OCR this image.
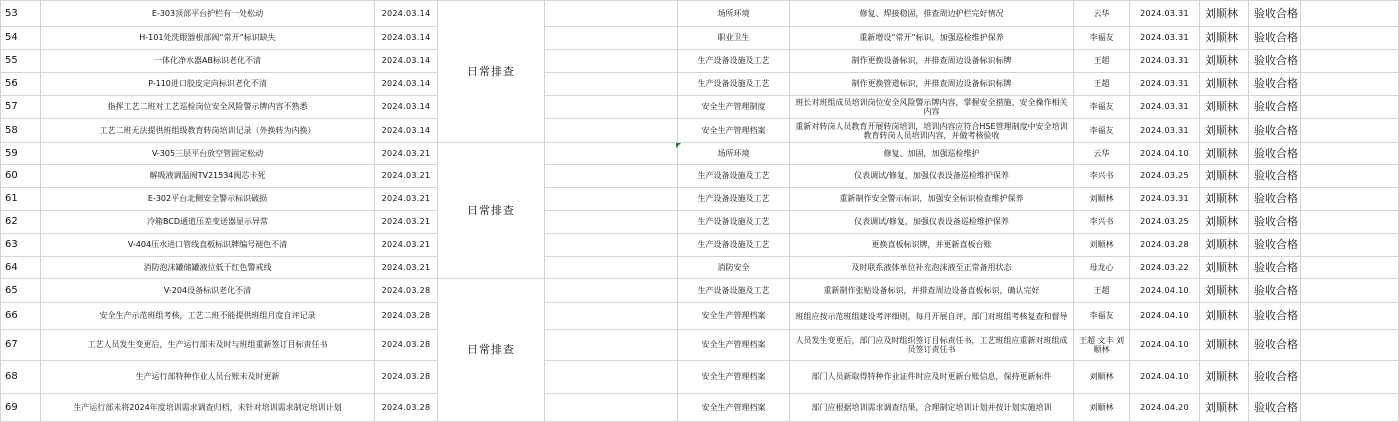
53	E-303顶部平台护栏有一处松动	2024.03.14	日常排查		场所环境	修复、焊接稳固，排查周边护栏完好情况	云华	2024.03.31	刘顺林	验收合格	
54	H-101处洗眼器根部阀“常开”标识缺失	2024.03.14			职业卫生	重新增设“常开”标识，加强巡检维护保养	李福友	2024.03.31	刘顺林	验收合格	
55	一体化净水器AB标识老化不清	2024.03.14			生产设备设施及工艺	制作更换设备标识，并排查周边设备标识标牌	王超	2024.03.31	刘顺林	验收合格	
56	P-110进口胶皮定向标识老化不清	2024.03.14			生产设备设施及工艺	制作更换管道标识，并排查周边设备标识标牌	王超	2024.03.31	刘顺林	验收合格	
57	指挥工艺二班对工艺巡检岗位安全风险警示牌内容不熟悉	2024.03.14			安全生产管理制度	班长对班组成员培训岗位安全风险警示牌内容，掌握安全措施、安全操作相关内容	李福友	2024.03.31	刘顺林	验收合格	
58	工艺二班无法提供班组级教育转岗培训记录（外换转为内换）	2024.03.14			安全生产管理档案	重新对转岗人员教育开展转岗培训，培训内容应符合HSE管理制度中安全培训教育转岗人员培训内容，并做考核验收	李福友	2024.03.31	刘顺林	验收合格	
59	V-305三层平台放空管固定松动	2024.03.21	日常排查		场所环境	修复、加固，加强巡检维护	云华	2024.04.10	刘顺林	验收合格	
60	解吸液调温阀TV21534阀芯卡死	2024.03.21			生产设备设施及工艺	仪表调试/修复，加强仪表设备巡检维护保养	李兴书	2024.03.25	刘顺林	验收合格	
61	E-302平台北侧安全警示标识破损	2024.03.21			生产设备设施及工艺	重新制作安全警示标识，加强安全标识检查维护保养	刘顺林	2024.03.31	刘顺林	验收合格	
62	冷箱BCD通道压差变送器显示异常	2024.03.21			生产设备设施及工艺	仪表调试/修复，加强仪表设备巡检维护保养	李兴书	2024.03.25	刘顺林	验收合格	
63	V-404压水进口管线直板标识牌编号褪色不清	2024.03.21			生产设备设施及工艺	更换直板标识牌，并更新直板台账	刘顺林	2024.03.28	刘顺林	验收合格	
64	消防泡沫罐储罐液位低于红色警戒线	2024.03.21			消防安全	及时联系液体单位补充泡沫液至正常备用状态	母龙心	2024.03.22	刘顺林	验收合格	
65	V-204设备标识老化不清	2024.03.28	日常排查		生产设备设施及工艺	重新制作张贴设备标识，并排查周边设备直板标识，确认完好	王超	2024.04.10	刘顺林	验收合格	
66	安全生产示范班组考核，工艺二班不能提供班组月度自评记录	2024.03.28			安全生产管理档案	班组应按示范班组建设考评细则，每月开展自评，部门对班组考核复查和督导	李福友	2024.04.10	刘顺林	验收合格	
67	工艺人员发生变更后，生产运行部未及时与班组重新签订目标责任书	2024.03.28			安全生产管理档案	人员发生变更后，部门应及时组织签订目标责任书，工艺班组应重新对班组成员签订责任书	王超 文丰 刘顺林	2024.04.10	刘顺林	验收合格	
68	生产运行部特种作业人员台账未及时更新	2024.03.28			安全生产管理档案	部门人员新取得特种作业证件时应及时更新台账信息，保持更新标件	刘顺林	2024.04.10	刘顺林	验收合格	
69	生产运行部未将2024年度培训需求调查归档，未针对培训需求制定培训计划	2024.03.28			安全生产管理档案	部门应根据培训需求调查结果，合理制定培训计划并按计划实施培训	刘顺林	2024.04.20	刘顺林	验收合格	
